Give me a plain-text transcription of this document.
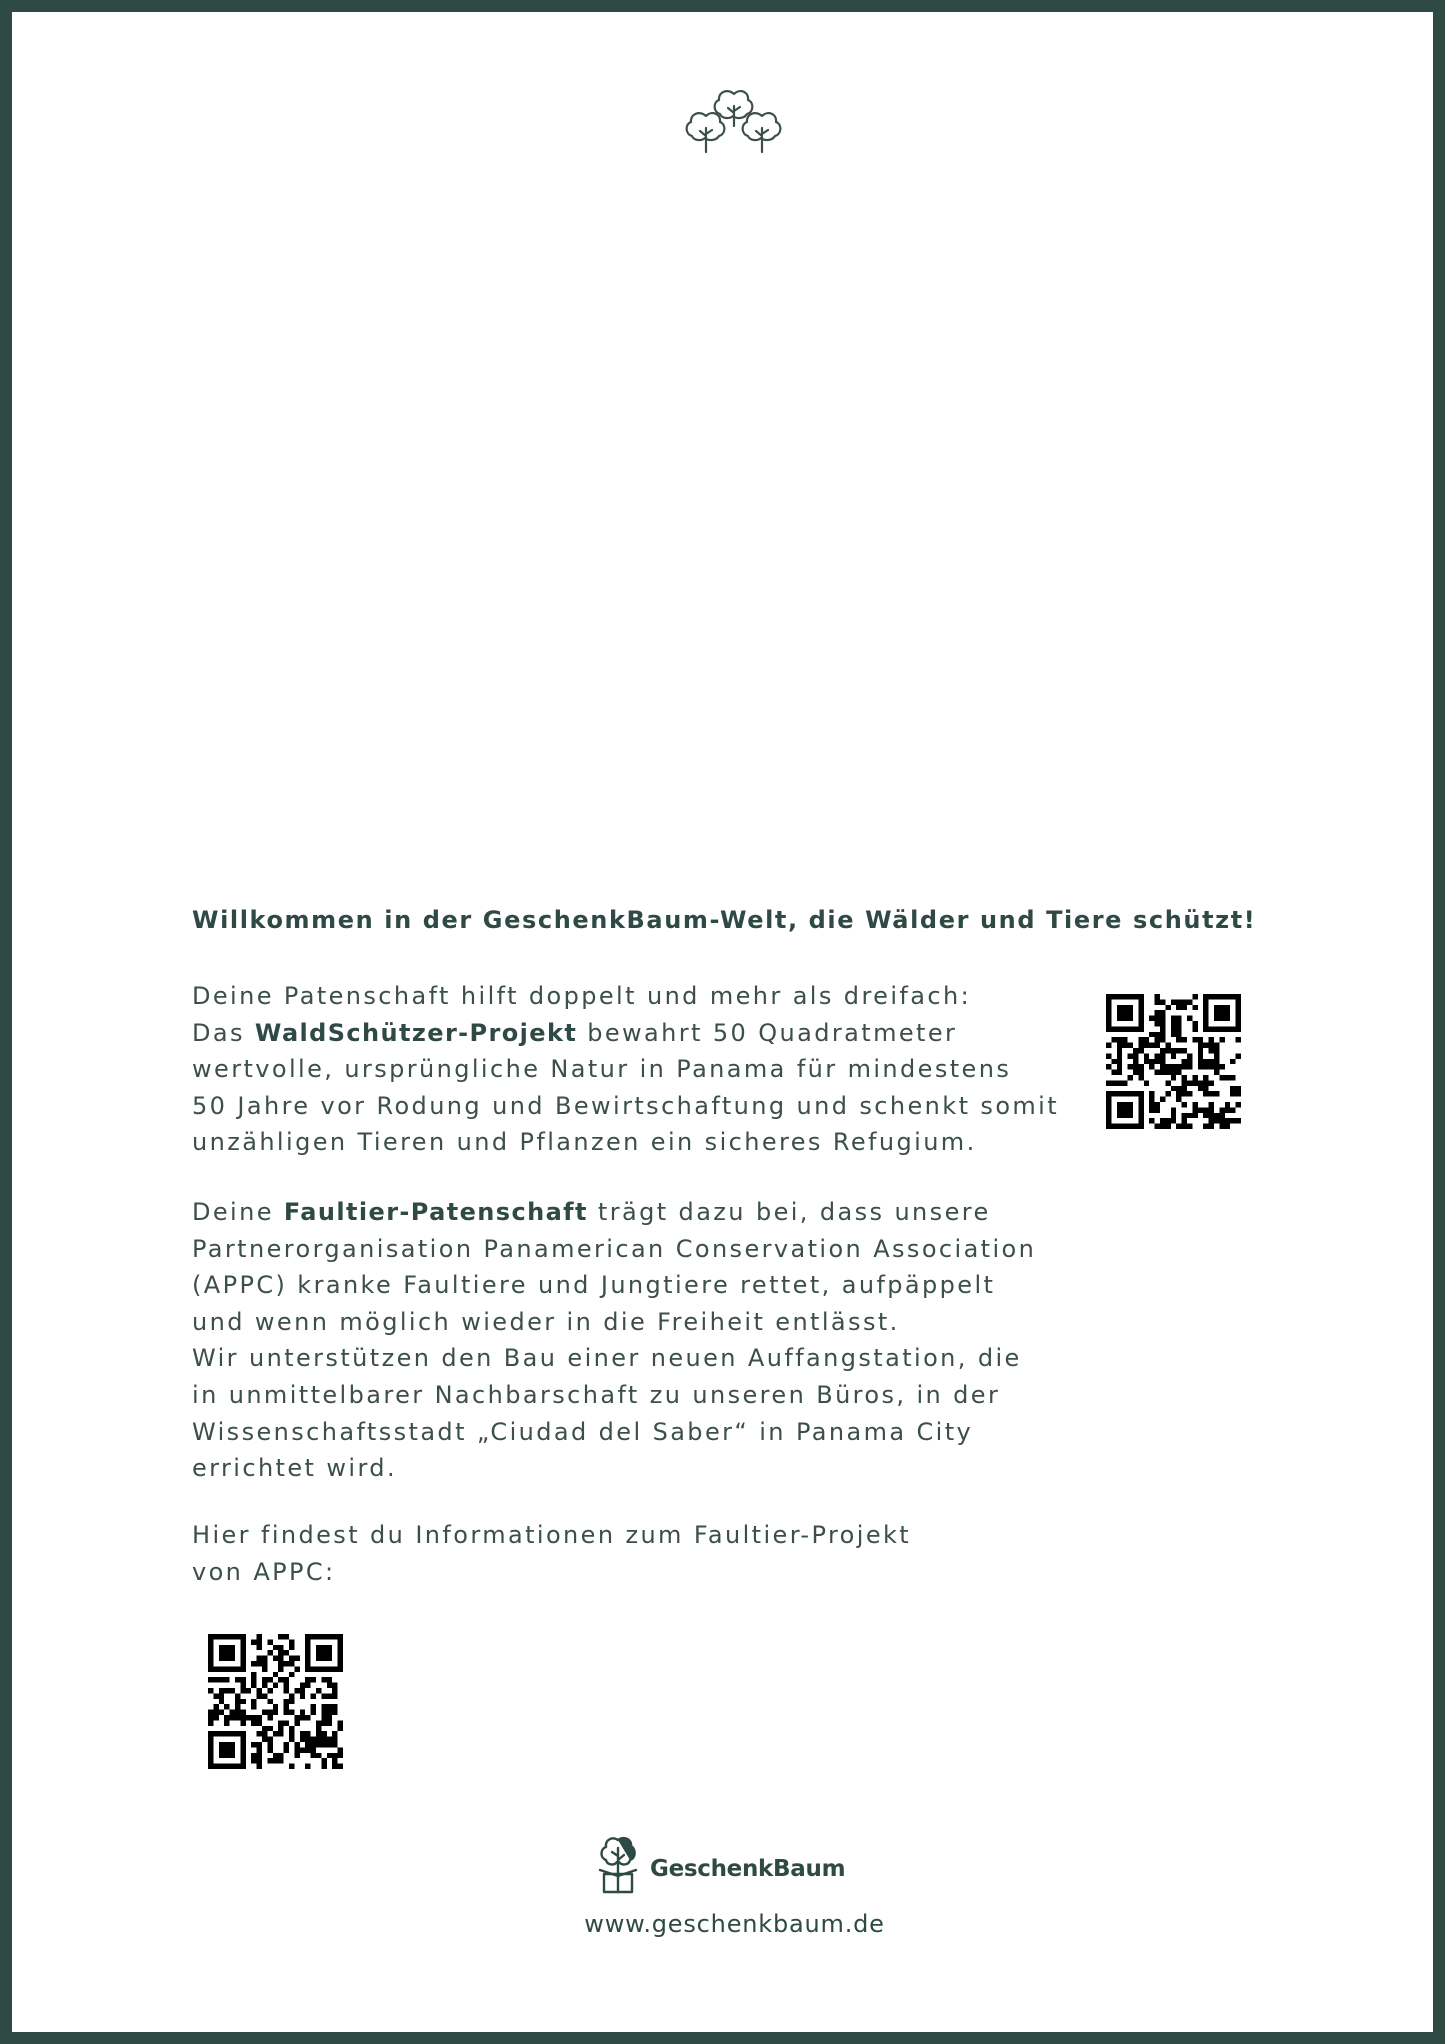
Willkommen in der GeschenkBaum-Welt, die Wälder und Tiere schützt!

Deine Patenschaft hilft doppelt und mehr als dreifach:
Das WaldSchützer-Projekt bewahrt 50 Quadratmeter
wertvolle, ursprüngliche Natur in Panama für mindestens
50 Jahre vor Rodung und Bewirtschaftung und schenkt somit
unzähligen Tieren und Pflanzen ein sicheres Refugium.

Deine Faultier-Patenschaft trägt dazu bei, dass unsere
Partnerorganisation Panamerican Conservation Association
(APPC) kranke Faultiere und Jungtiere rettet, aufpäppelt
und wenn möglich wieder in die Freiheit entlässt.
Wir unterstützen den Bau einer neuen Auffangstation, die
in unmittelbarer Nachbarschaft zu unseren Büros, in der
Wissenschaftsstadt „Ciudad del Saber“ in Panama City
errichtet wird.

Hier findest du Informationen zum Faultier-Projekt
von APPC:

GeschenkBaum
www.geschenkbaum.de
